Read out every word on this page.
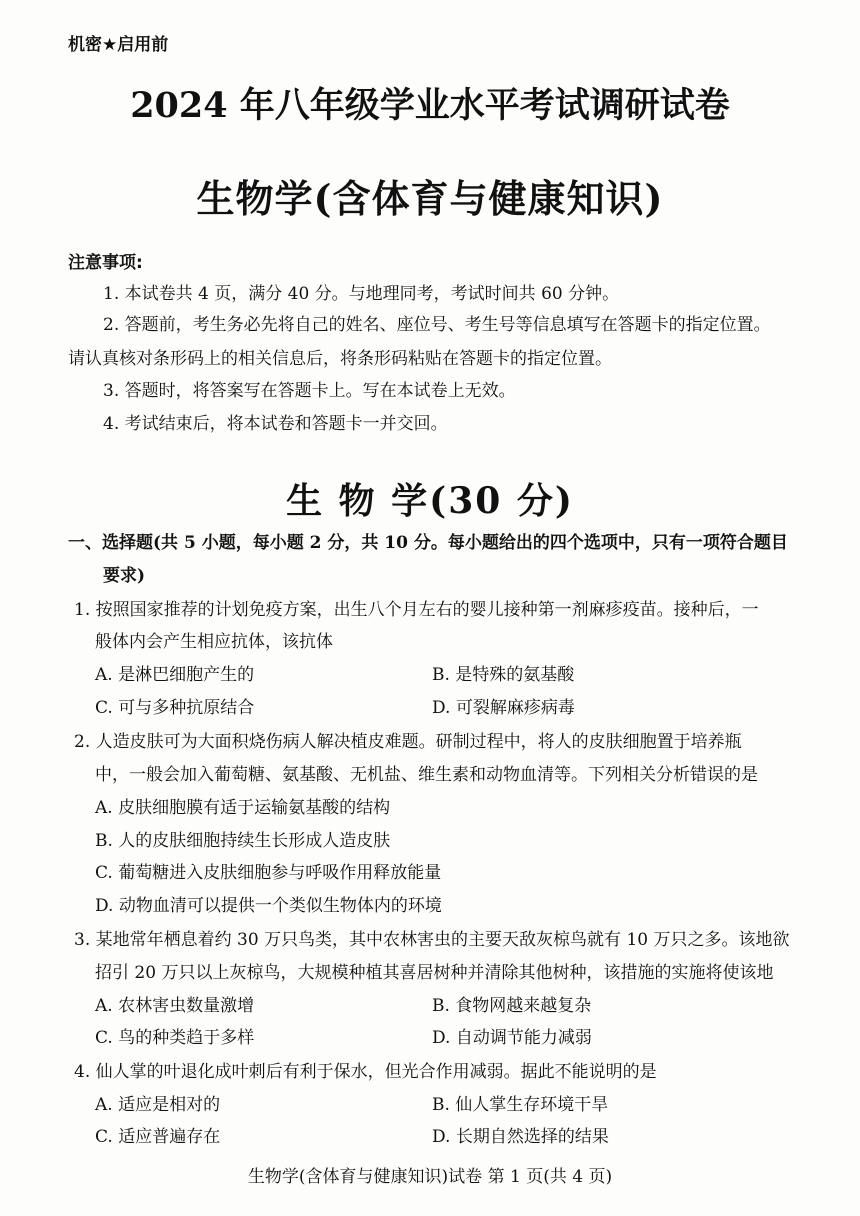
机密★启用前
2024 年八年级学业水平考试调研试卷
生物学(含体育与健康知识)
注意事项:
1. 本试卷共 4 页，满分 40 分。与地理同考，考试时间共 60 分钟。
2. 答题前，考生务必先将自己的姓名、座位号、考生号等信息填写在答题卡的指定位置。
请认真核对条形码上的相关信息后，将条形码粘贴在答题卡的指定位置。
3. 答题时，将答案写在答题卡上。写在本试卷上无效。
4. 考试结束后，将本试卷和答题卡一并交回。
生 物 学(30 分)
一、选择题(共 5 小题，每小题 2 分，共 10 分。每小题给出的四个选项中，只有一项符合题目
要求)
1. 按照国家推荐的计划免疫方案，出生八个月左右的婴儿接种第一剂麻疹疫苗。接种后，一
般体内会产生相应抗体，该抗体
A. 是淋巴细胞产生的	B. 是特殊的氨基酸
C. 可与多种抗原结合	D. 可裂解麻疹病毒
2. 人造皮肤可为大面积烧伤病人解决植皮难题。研制过程中，将人的皮肤细胞置于培养瓶
中，一般会加入葡萄糖、氨基酸、无机盐、维生素和动物血清等。下列相关分析错误的是
A. 皮肤细胞膜有适于运输氨基酸的结构
B. 人的皮肤细胞持续生长形成人造皮肤
C. 葡萄糖进入皮肤细胞参与呼吸作用释放能量
D. 动物血清可以提供一个类似生物体内的环境
3. 某地常年栖息着约 30 万只鸟类，其中农林害虫的主要天敌灰椋鸟就有 10 万只之多。该地欲
招引 20 万只以上灰椋鸟，大规模种植其喜居树种并清除其他树种，该措施的实施将使该地
A. 农林害虫数量激增	B. 食物网越来越复杂
C. 鸟的种类趋于多样	D. 自动调节能力减弱
4. 仙人掌的叶退化成叶刺后有利于保水，但光合作用减弱。据此不能说明的是
A. 适应是相对的	B. 仙人掌生存环境干旱
C. 适应普遍存在	D. 长期自然选择的结果
生物学(含体育与健康知识)试卷 第 1 页(共 4 页)
